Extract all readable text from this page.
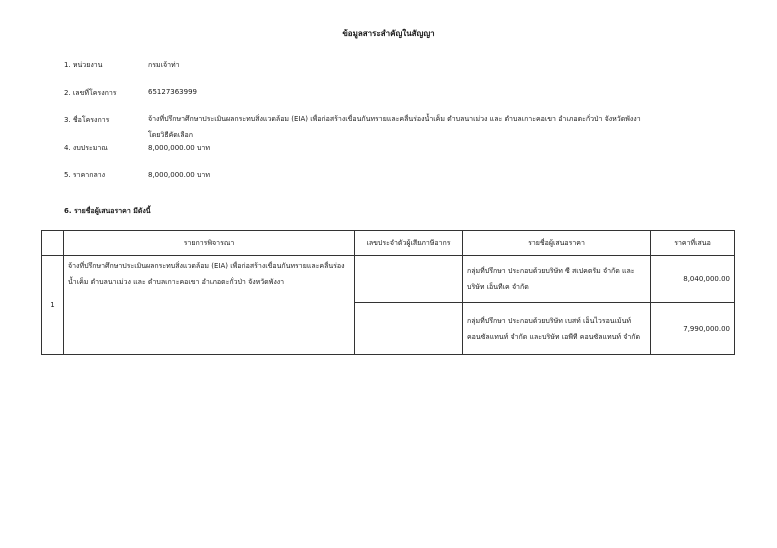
ข้อมูลสาระสำคัญในสัญญา
1. หน่วยงาน	กรมเจ้าท่า
2. เลขที่โครงการ	65127363999
3. ชื่อโครงการ	จ้างที่ปรึกษาศึกษาประเมินผลกระทบสิ่งแวดล้อม (EIA) เพื่อก่อสร้างเขื่อนกันทรายและคลื่นร่องน้ำเค็ม ตำบลนาเม่วง และ ตำบลเกาะคอเขา อำเภอตะกั่วป่า จังหวัดพังงา
โดยวิธีคัดเลือก
4. งบประมาณ	8,000,000.00 บาท
5. ราคากลาง	8,000,000.00 บาท
6. รายชื่อผู้เสนอราคา มีดังนี้
	รายการพิจารณา	เลขประจำตัวผู้เสียภาษีอากร	รายชื่อผู้เสนอราคา	ราคาที่เสนอ
1	จ้างที่ปรึกษาศึกษาประเมินผลกระทบสิ่งแวดล้อม (EIA) เพื่อก่อสร้างเขื่อนกันทรายและคลื่นร่องน้ำเค็ม ตำบลนาเม่วง และ ตำบลเกาะคอเขา อำเภอตะกั่วป่า จังหวัดพังงา		กลุ่มที่ปรึกษา ประกอบด้วยบริษัท ซี สเปคตรัม จำกัด และบริษัท เอ็นทีเค จำกัด	8,040,000.00
			กลุ่มที่ปรึกษา ประกอบด้วยบริษัท เบสท์ เอ็นไวรอนเม้นท์ คอนซัลแทนท์ จำกัด และบริษัท เอพีที คอนซัลแทนท์ จำกัด	7,990,000.00
